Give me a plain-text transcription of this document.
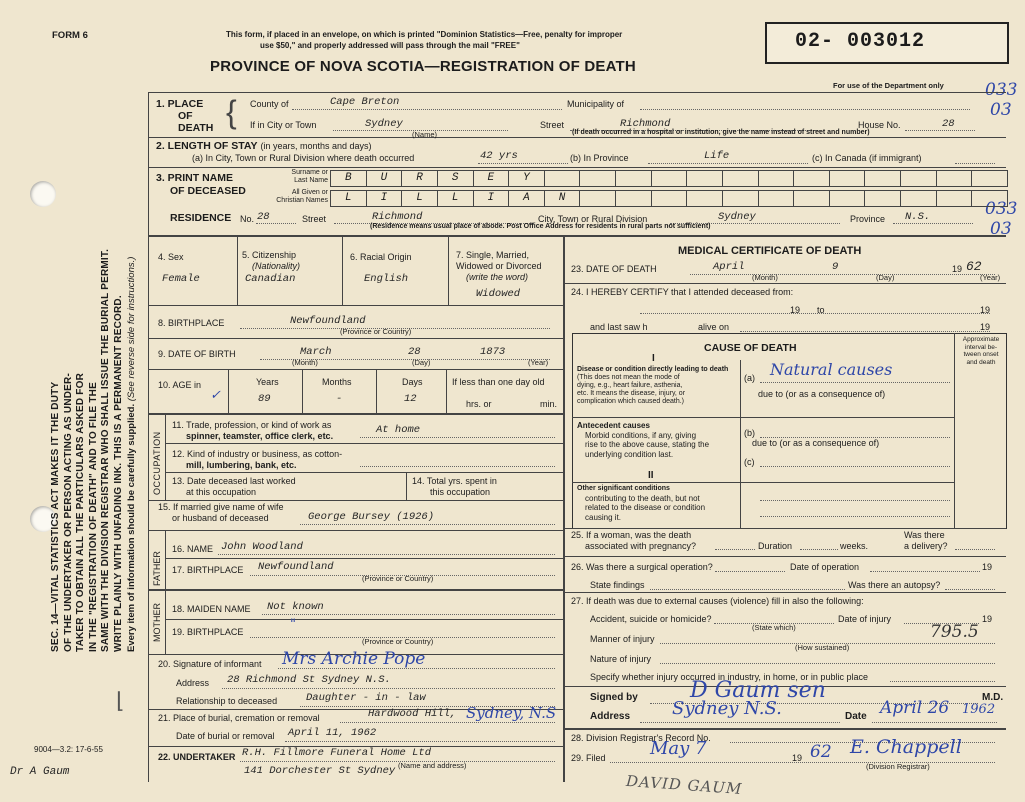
SEC. 14—VITAL STATISTICS ACT MAKES IT THE DUTY OF THE UNDERTAKER OR PERSON ACTING AS UNDER- TAKER TO OBTAIN ALL THE PARTICULARS ASKED FOR IN THE "REGISTRATION OF DEATH" AND TO FILE THE SAME WITH THE DIVISION REGISTRAR WHO SHALL ISSUE THE BURIAL PERMIT. WRITE PLAINLY WITH UNFADING INK. THIS IS A PERMANENT RECORD. Every item of information should be carefully supplied. (See reverse side for instructions.)
FORM 6	This form, if placed in an envelope, on which is printed "Dominion Statistics—Free, penalty for improper
use $50," and properly addressed will pass through the mail "FREE"
PROVINCE OF NOVA SCOTIA—REGISTRATION OF DEATH
02- 003012
For use of the Department only 033
03
033
03
1. PLACE
OF
DEATH { County of	Cape Breton	Municipality of
If in City or Town	Sydney
(Name)
Street	Richmond	House No.	28
(If death occurred in a hospital or institution, give the name instead of street and number)
2. LENGTH OF STAY (in years, months and days)
(a) In City, Town or Rural Division where death occurred	42 yrs	(b) In Province	Life	(c) In Canada (if immigrant)
3. PRINT NAME
OF DECEASED
Surname or
Last Name
All Given or
Christian Names
B	U	R	S	E	Y
L	I	L	L	I	A	N
RESIDENCE No. 28	Street	Richmond	City, Town or Rural Division	Sydney	Province N.S.
(Residence means usual place of abode. Post Office Address for residents in rural parts not sufficient)
4. Sex
Female
5. Citizenship
(Nationality)
Canadian
6. Racial Origin
English
7. Single, Married,
Widowed or Divorced
(write the word)
Widowed
8. BIRTHPLACE	Newfoundland
(Province or Country)
9. DATE OF BIRTH	March	28	1873
(Month)	(Day)	(Year)
10. AGE in
✓
Years	Months	Days
89	-	12
If less than one day old
hrs. or	min.
OCCUPATION
11. Trade, profession, or kind of work as
spinner, teamster, office clerk, etc.	At home
12. Kind of industry or business, as cotton-
mill, lumbering, bank, etc.
13. Date deceased last worked
at this occupation
14. Total yrs. spent in
this occupation
15. If married give name of wife
or husband of deceased	George Bursey (1926)
FATHER
16. NAME John Woodland
17. BIRTHPLACE Newfoundland
(Province or Country)
MOTHER 18. MAIDEN NAME Not known
19. BIRTHPLACE	"
(Province or Country)
20. Signature of informant Mrs Archie Pope
Address 28 Richmond St Sydney N.S.
Relationship to deceased	Daughter - in - law
21. Place of burial, cremation or removal	Hardwood Hill, Sydney, N.S
Date of burial or removal April 11, 1962
22. UNDERTAKER R.H. Fillmore Funeral Home Ltd
(Name and address)
141 Dorchester St Sydney
MEDICAL CERTIFICATE OF DEATH
23. DATE OF DEATH	April	9	19 62
(Month)	(Day)	(Year)
24. I HEREBY CERTIFY that I attended deceased from:
19 to	19
and last saw h	alive on	19
CAUSE OF DEATH
Approximate
interval be-
tween onset
and death
I
Disease or condition directly leading to death
(This does not mean the mode of
dying, e.g., heart failure, asthenia,
etc. It means the disease, injury, or
complication which caused death.)
(a) Natural causes
due to (or as a consequence of)
Antecedent causes
Morbid conditions, if any, giving
rise to the above cause, stating the
underlying condition last.
(b)
due to (or as a consequence of)
(c)
II
Other significant conditions
contributing to the death, but not
related to the disease or condition
causing it.
25. If a woman, was the death
associated with pregnancy?	Duration	weeks.
Was there
a delivery?
26. Was there a surgical operation?	Date of operation	19
State findings	Was there an autopsy?
27. If death was due to external causes (violence) fill in also the following:
Accident, suicide or homicide?
(State which)
Date of injury	19
Manner of injury	795.5
(How sustained)
Nature of injury
Specify whether injury occurred in industry, in home, or in public place
Signed by D Gaum sen	M.D.
Address Sydney N.S.	Date April 26 1962
28. Division Registrar's Record No.
29. Filed May 7	19 62 E. Chappell
(Division Registrar)
9004—3.2: 17-6-55
Dr A Gaum	DAVID GAUM
⌊
